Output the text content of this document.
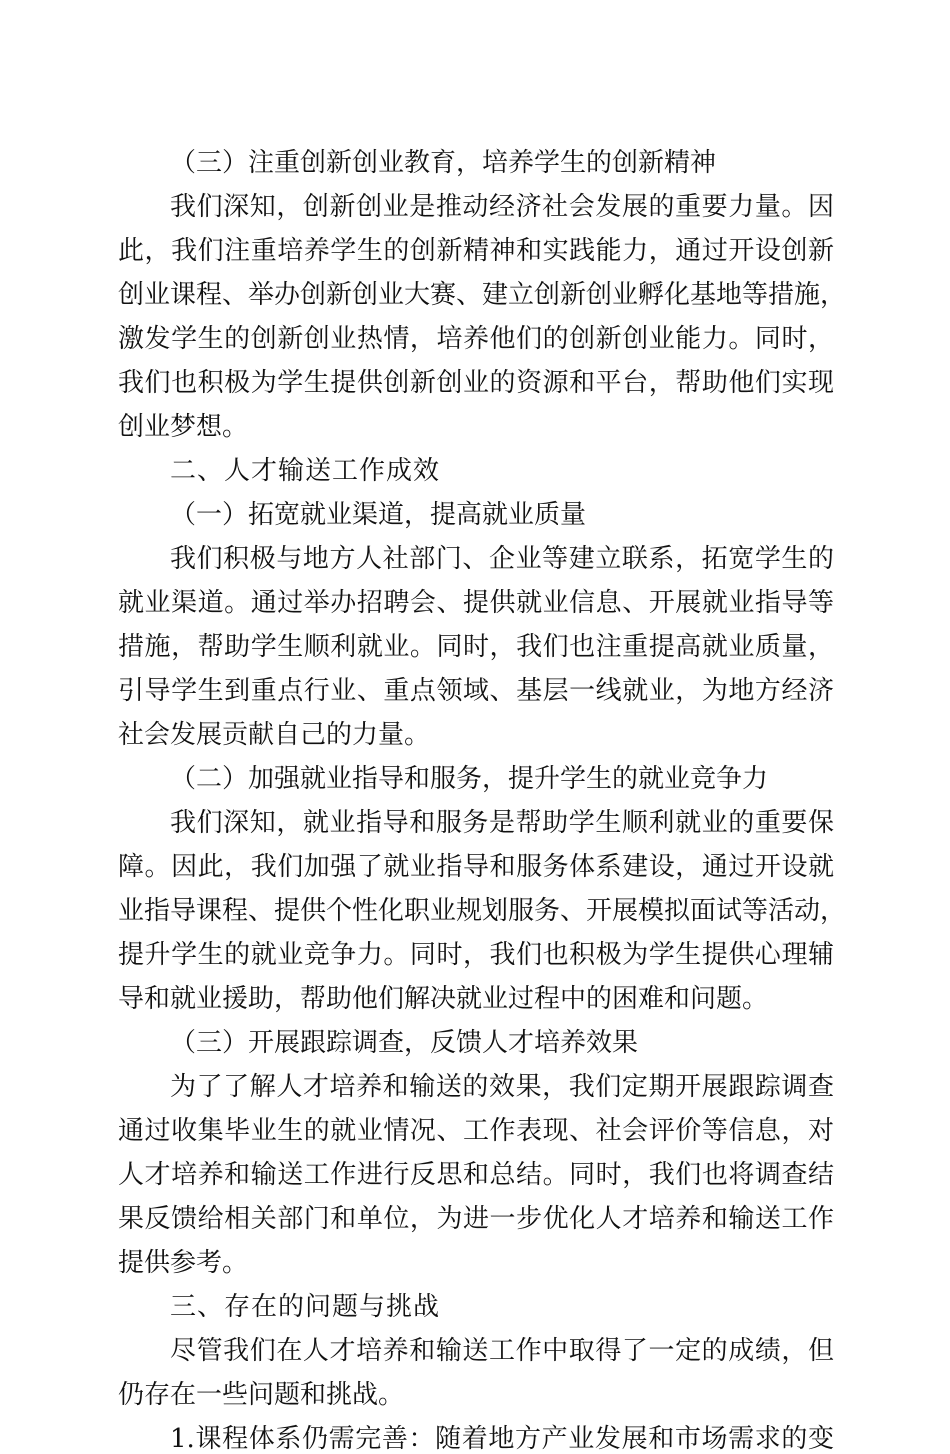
（三）注重创新创业教育，培养学生的创新精神
我们深知，创新创业是推动经济社会发展的重要力量。因
此，我们注重培养学生的创新精神和实践能力，通过开设创新
创业课程、举办创新创业大赛、建立创新创业孵化基地等措施，
激发学生的创新创业热情，培养他们的创新创业能力。同时，
我们也积极为学生提供创新创业的资源和平台，帮助他们实现
创业梦想。
二、人才输送工作成效
（一）拓宽就业渠道，提高就业质量
我们积极与地方人社部门、企业等建立联系，拓宽学生的
就业渠道。通过举办招聘会、提供就业信息、开展就业指导等
措施，帮助学生顺利就业。同时，我们也注重提高就业质量，
引导学生到重点行业、重点领域、基层一线就业，为地方经济
社会发展贡献自己的力量。
（二）加强就业指导和服务，提升学生的就业竞争力
我们深知，就业指导和服务是帮助学生顺利就业的重要保
障。因此，我们加强了就业指导和服务体系建设，通过开设就
业指导课程、提供个性化职业规划服务、开展模拟面试等活动，
提升学生的就业竞争力。同时，我们也积极为学生提供心理辅
导和就业援助，帮助他们解决就业过程中的困难和问题。
（三）开展跟踪调查，反馈人才培养效果
为了了解人才培养和输送的效果，我们定期开展跟踪调查
通过收集毕业生的就业情况、工作表现、社会评价等信息，对
人才培养和输送工作进行反思和总结。同时，我们也将调查结
果反馈给相关部门和单位，为进一步优化人才培养和输送工作
提供参考。
三、存在的问题与挑战
尽管我们在人才培养和输送工作中取得了一定的成绩，但
仍存在一些问题和挑战。
1.课程体系仍需完善：随着地方产业发展和市场需求的变
